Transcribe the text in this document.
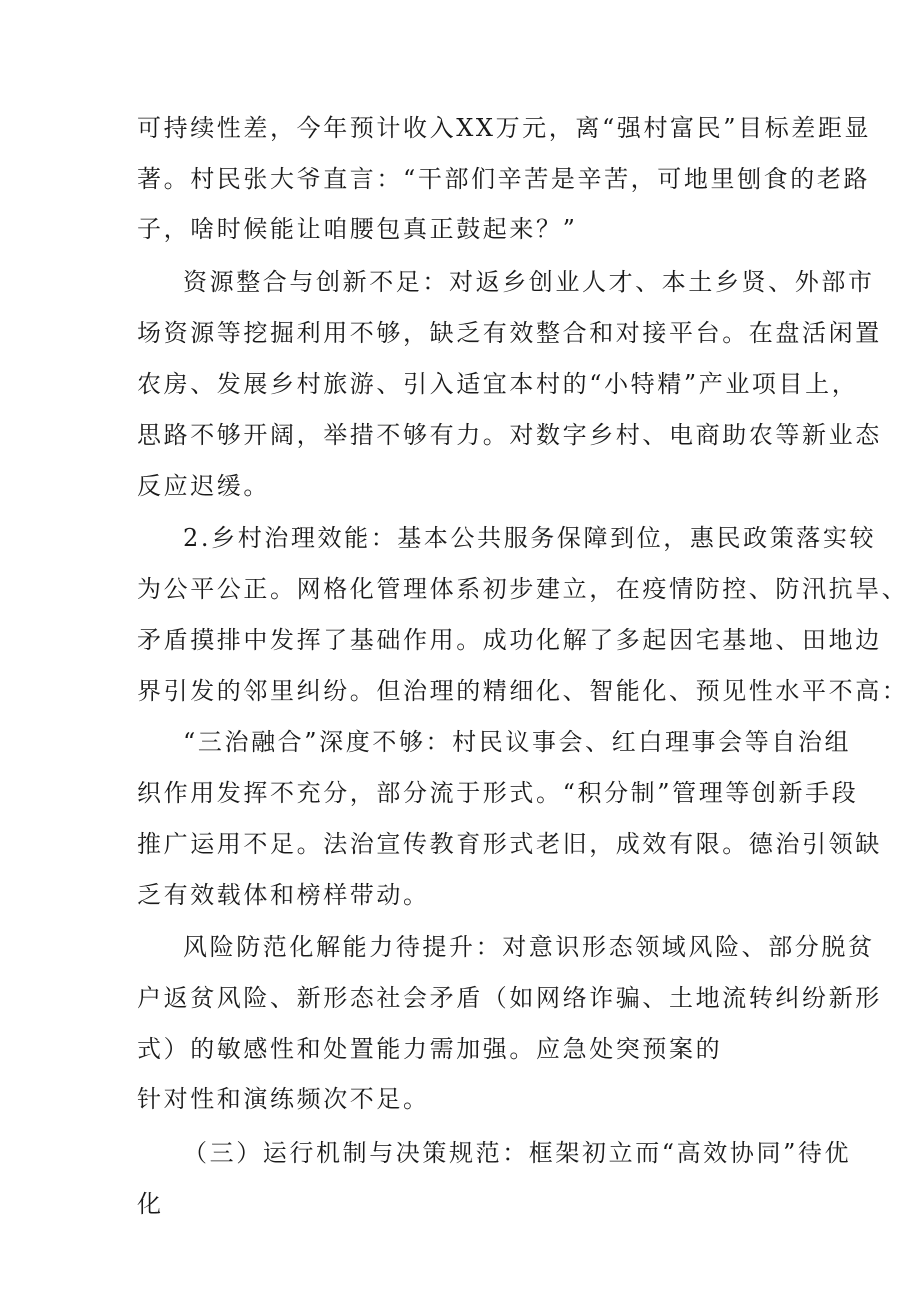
可持续性差，今年预计收入XX万元，离“强村富民”目标差距显
著。村民张大爷直言：“干部们辛苦是辛苦，可地里刨食的老路
子，啥时候能让咱腰包真正鼓起来？”
资源整合与创新不足：对返乡创业人才、本土乡贤、外部市
场资源等挖掘利用不够，缺乏有效整合和对接平台。在盘活闲置
农房、发展乡村旅游、引入适宜本村的“小特精”产业项目上，
思路不够开阔，举措不够有力。对数字乡村、电商助农等新业态
反应迟缓。
2.乡村治理效能：基本公共服务保障到位，惠民政策落实较
为公平公正。网格化管理体系初步建立，在疫情防控、防汛抗旱、
矛盾摸排中发挥了基础作用。成功化解了多起因宅基地、田地边
界引发的邻里纠纷。但治理的精细化、智能化、预见性水平不高：
“三治融合”深度不够：村民议事会、红白理事会等自治组
织作用发挥不充分，部分流于形式。“积分制”管理等创新手段
推广运用不足。法治宣传教育形式老旧，成效有限。德治引领缺
乏有效载体和榜样带动。
风险防范化解能力待提升：对意识形态领域风险、部分脱贫
户返贫风险、新形态社会矛盾（如网络诈骗、土地流转纠纷新形
式）的敏感性和处置能力需加强。应急处突预案的
针对性和演练频次不足。
（三）运行机制与决策规范：框架初立而“高效协同”待优
化
